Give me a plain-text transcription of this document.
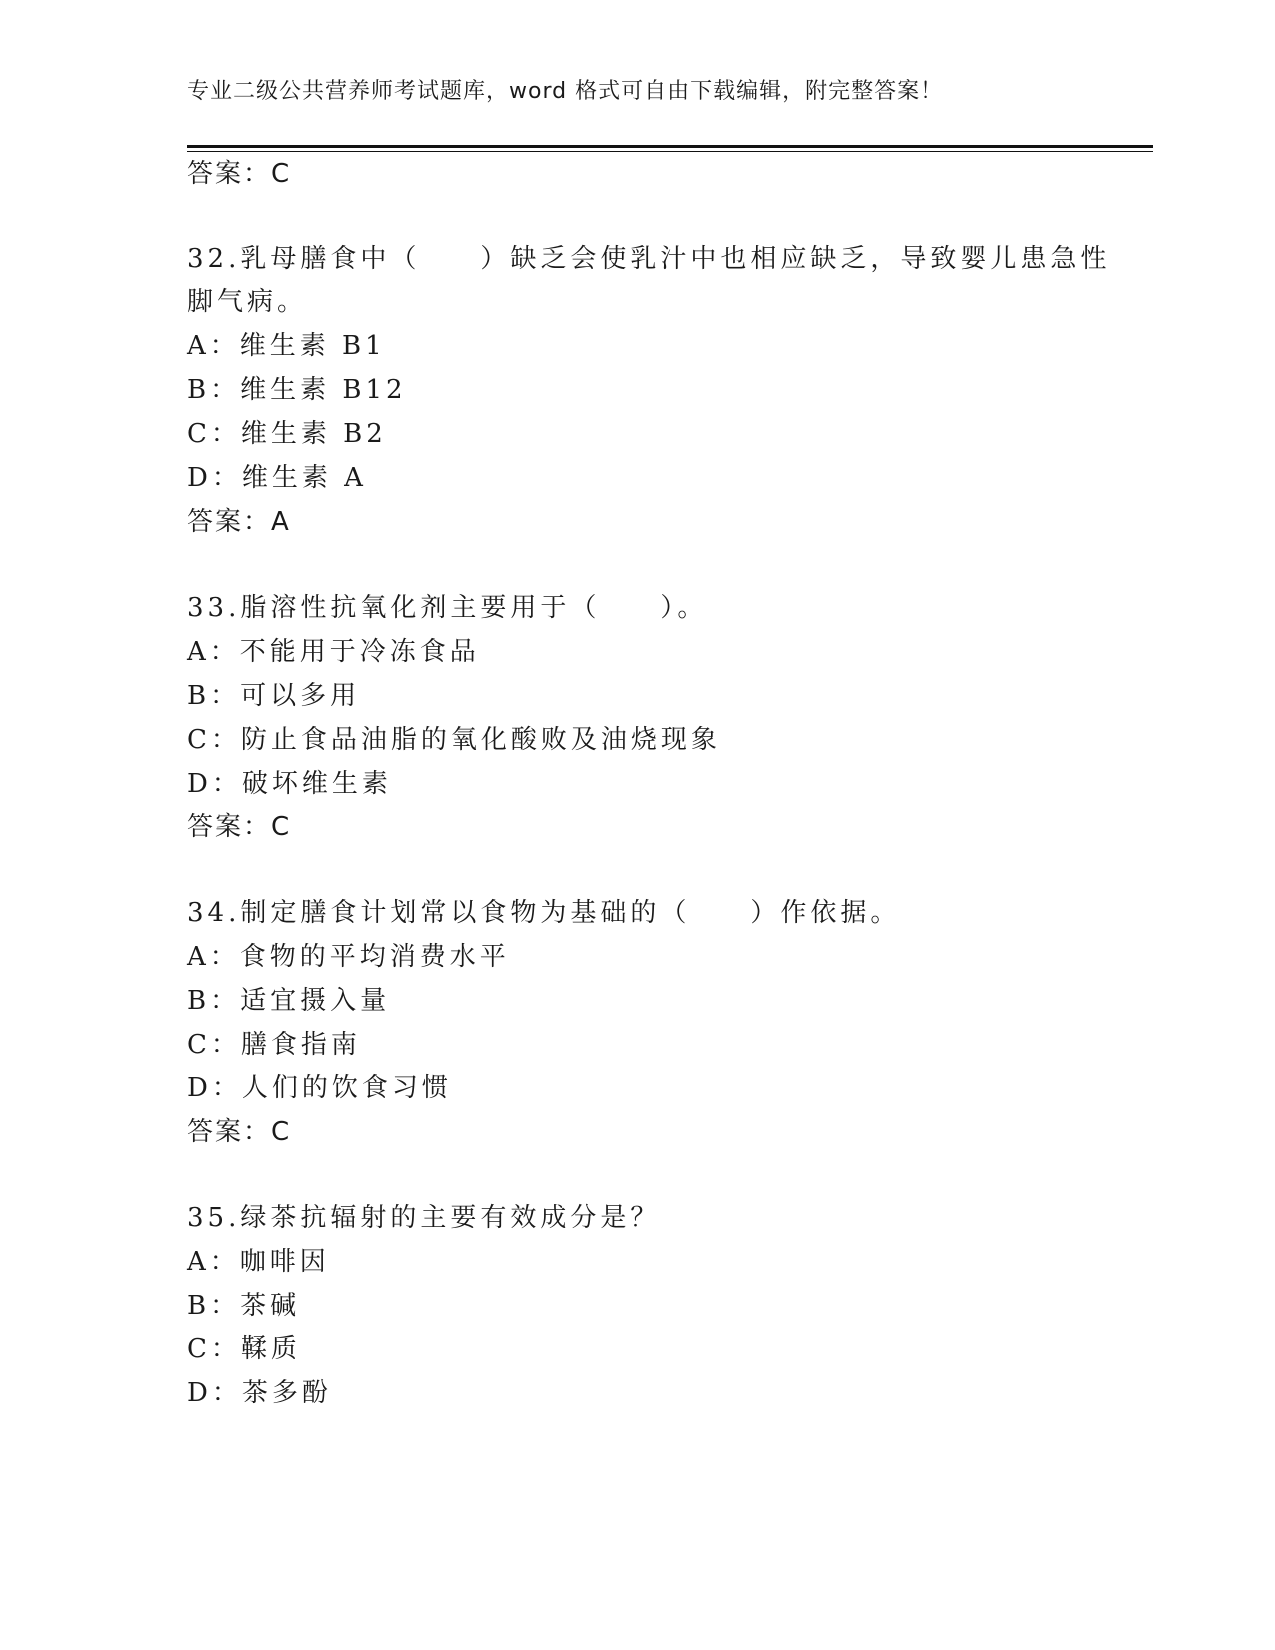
专业二级公共营养师考试题库，word 格式可自由下载编辑，附完整答案！
答案：C
32.乳母膳食中（　　）缺乏会使乳汁中也相应缺乏，导致婴儿患急性
脚气病。
A：维生素 B1
B：维生素 B12
C：维生素 B2
D：维生素 A
答案：A
33.脂溶性抗氧化剂主要用于（　　）。
A：不能用于冷冻食品
B：可以多用
C：防止食品油脂的氧化酸败及油烧现象
D：破坏维生素
答案：C
34.制定膳食计划常以食物为基础的（　　）作依据。
A：食物的平均消费水平
B：适宜摄入量
C：膳食指南
D：人们的饮食习惯
答案：C
35.绿茶抗辐射的主要有效成分是？
A：咖啡因
B：茶碱
C：鞣质
D：茶多酚
